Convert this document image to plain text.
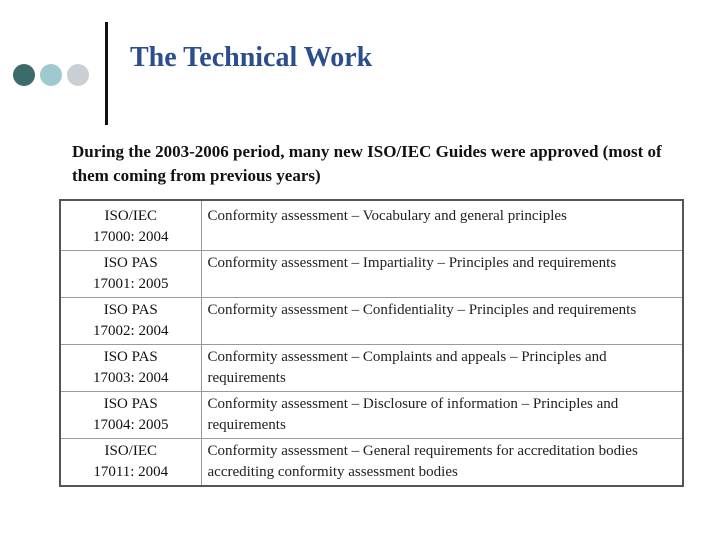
The Technical Work
During the 2003-2006 period, many new ISO/IEC Guides were approved (most of them coming from previous years)
ISO/IEC
17000: 2004	Conformity assessment – Vocabulary and general principles

ISO PAS
17001: 2005	Conformity assessment – Impartiality – Principles and requirements

ISO PAS
17002: 2004	Conformity assessment – Confidentiality – Principles and requirements

ISO PAS
17003: 2004	Conformity assessment – Complaints and appeals – Principles and requirements

ISO PAS
17004: 2005	Conformity assessment – Disclosure of information – Principles and requirements

ISO/IEC
17011: 2004	Conformity assessment – General requirements for accreditation bodies accrediting conformity assessment bodies
